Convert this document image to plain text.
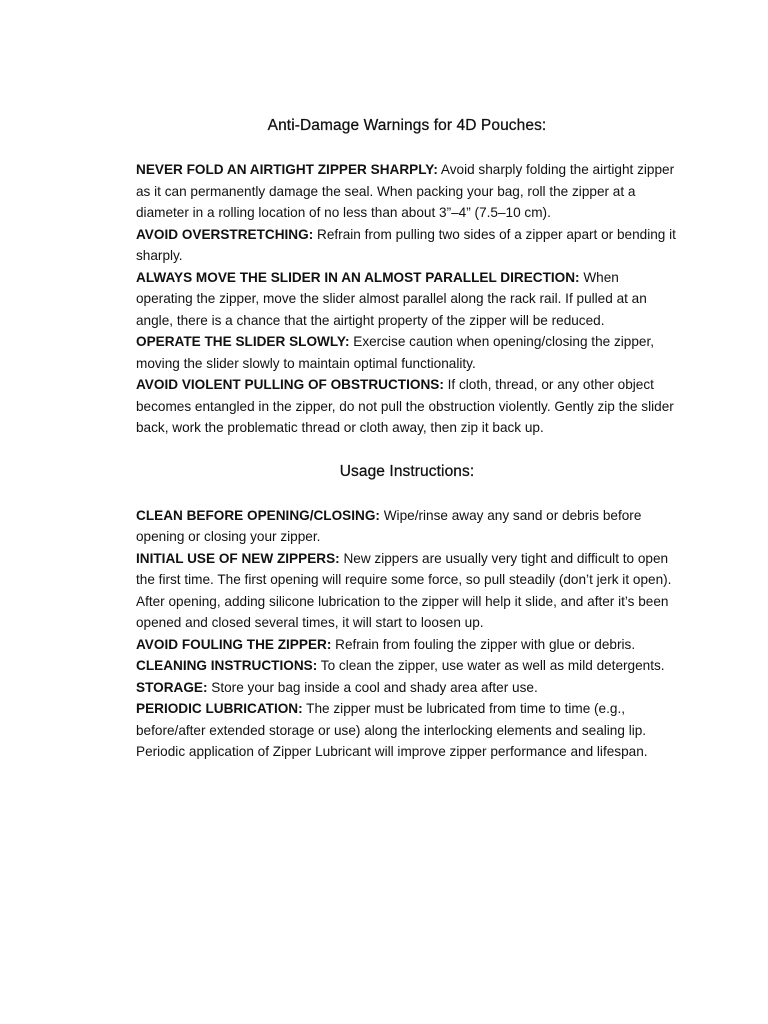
Anti-Damage Warnings for 4D Pouches:

NEVER FOLD AN AIRTIGHT ZIPPER SHARPLY: Avoid sharply folding the airtight zipper as it can permanently damage the seal. When packing your bag, roll the zipper at a diameter in a rolling location of no less than about 3”–4” (7.5–10 cm).

AVOID OVERSTRETCHING: Refrain from pulling two sides of a zipper apart or bending it sharply.

ALWAYS MOVE THE SLIDER IN AN ALMOST PARALLEL DIRECTION: When operating the zipper, move the slider almost parallel along the rack rail. If pulled at an angle, there is a chance that the airtight property of the zipper will be reduced.

OPERATE THE SLIDER SLOWLY: Exercise caution when opening/closing the zipper, moving the slider slowly to maintain optimal functionality.

AVOID VIOLENT PULLING OF OBSTRUCTIONS: If cloth, thread, or any other object becomes entangled in the zipper, do not pull the obstruction violently. Gently zip the slider back, work the problematic thread or cloth away, then zip it back up.

Usage Instructions:

CLEAN BEFORE OPENING/CLOSING: Wipe/rinse away any sand or debris before opening or closing your zipper.

INITIAL USE OF NEW ZIPPERS: New zippers are usually very tight and difficult to open the first time. The first opening will require some force, so pull steadily (don’t jerk it open). After opening, adding silicone lubrication to the zipper will help it slide, and after it’s been opened and closed several times, it will start to loosen up.

AVOID FOULING THE ZIPPER: Refrain from fouling the zipper with glue or debris.

CLEANING INSTRUCTIONS: To clean the zipper, use water as well as mild detergents.

STORAGE: Store your bag inside a cool and shady area after use.

PERIODIC LUBRICATION: The zipper must be lubricated from time to time (e.g., before/after extended storage or use) along the interlocking elements and sealing lip. Periodic application of Zipper Lubricant will improve zipper performance and lifespan.
